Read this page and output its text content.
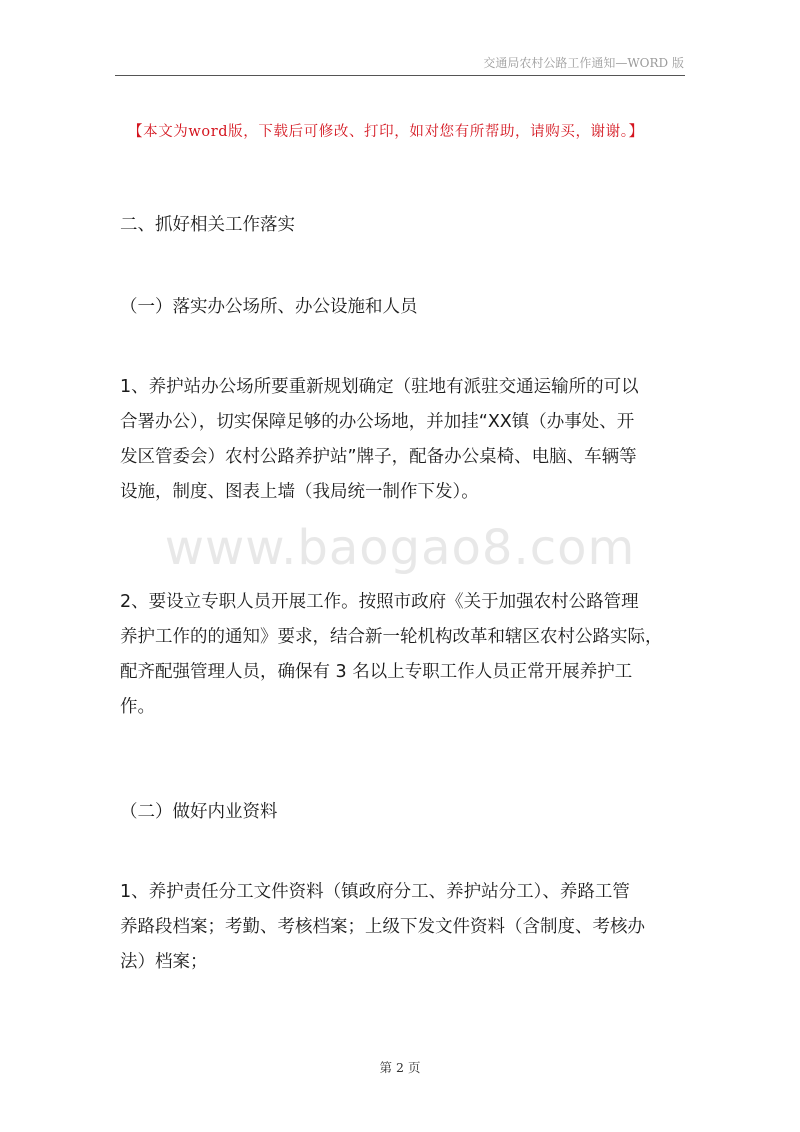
交通局农村公路工作通知—WORD 版
【本文为word版，下载后可修改、打印，如对您有所帮助，请购买，谢谢。】
www.baogao8.com
二、抓好相关工作落实
（一）落实办公场所、办公设施和人员
1、养护站办公场所要重新规划确定（驻地有派驻交通运输所的可以
合署办公），切实保障足够的办公场地，并加挂“XX镇（办事处、开
发区管委会）农村公路养护站”牌子，配备办公桌椅、电脑、车辆等
设施，制度、图表上墙（我局统一制作下发）。
2、要设立专职人员开展工作。按照市政府《关于加强农村公路管理
养护工作的的通知》要求，结合新一轮机构改革和辖区农村公路实际，
配齐配强管理人员，确保有 3 名以上专职工作人员正常开展养护工
作。
（二）做好内业资料
1、养护责任分工文件资料（镇政府分工、养护站分工）、养路工管
养路段档案；考勤、考核档案；上级下发文件资料（含制度、考核办
法）档案；
第 2 页
